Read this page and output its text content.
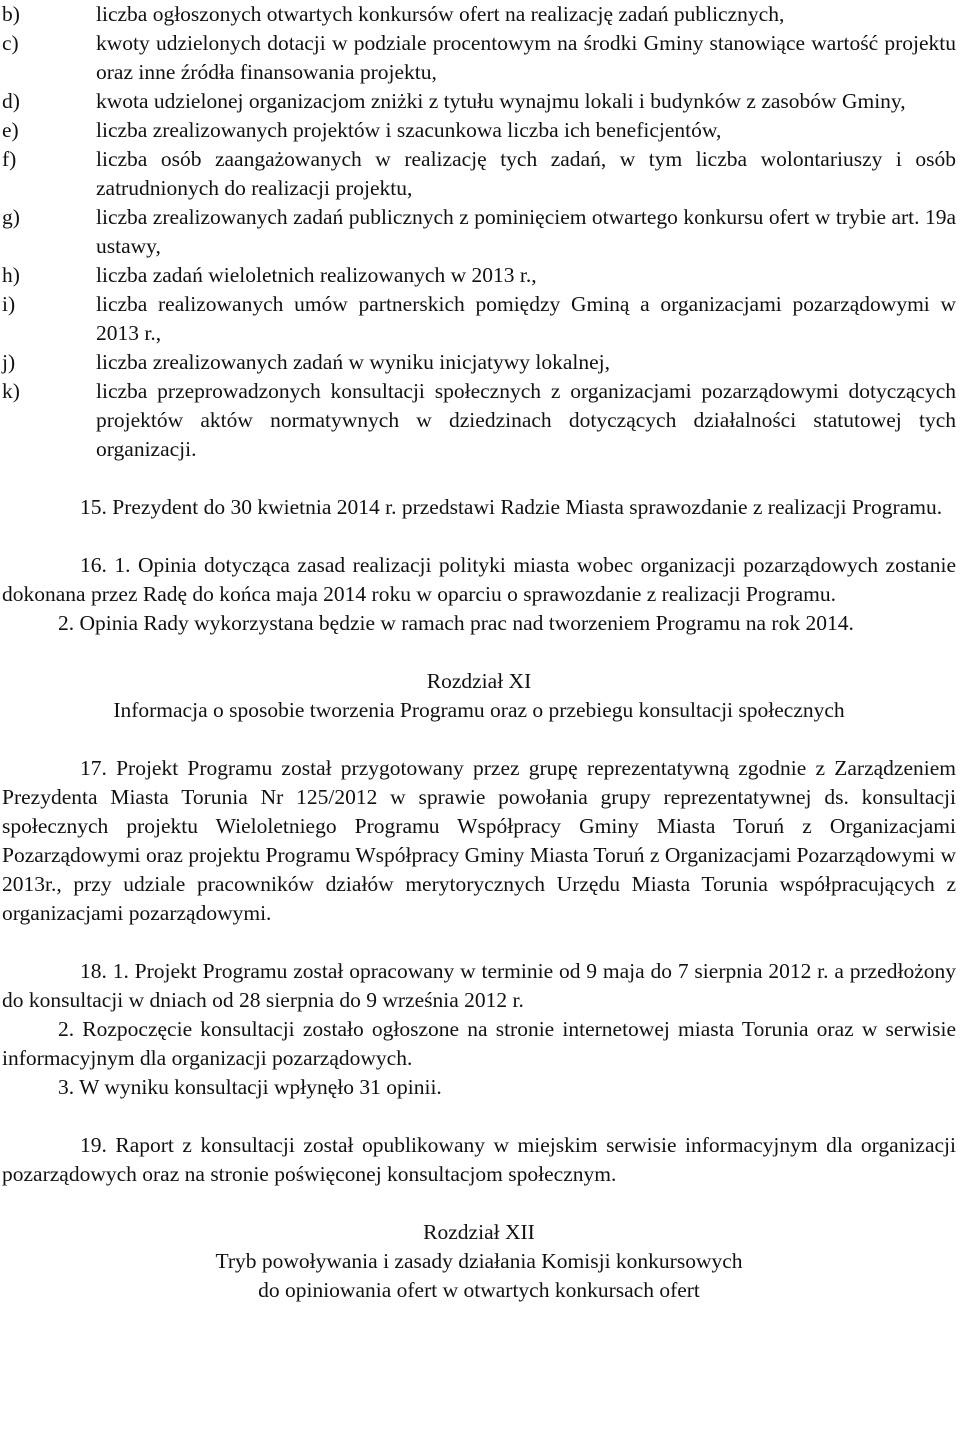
b)	liczba ogłoszonych otwartych konkursów ofert na realizację zadań publicznych,
c)	kwoty udzielonych dotacji w podziale procentowym na środki Gminy stanowiące wartość projektu oraz inne źródła finansowania projektu,
d)	kwota udzielonej organizacjom zniżki z tytułu wynajmu lokali i budynków z zasobów Gminy,
e)	liczba zrealizowanych projektów i szacunkowa liczba ich beneficjentów,
f)	liczba osób zaangażowanych w realizację tych zadań, w tym liczba wolontariuszy i osób zatrudnionych do realizacji projektu,
g)	liczba zrealizowanych zadań publicznych z pominięciem otwartego konkursu ofert w trybie art. 19a ustawy,
h)	liczba zadań wieloletnich realizowanych w 2013 r.,
i)	liczba realizowanych umów partnerskich pomiędzy Gminą a organizacjami pozarządowymi w 2013 r.,
j)	liczba zrealizowanych zadań w wyniku inicjatywy lokalnej,
k)	liczba przeprowadzonych konsultacji społecznych z organizacjami pozarządowymi dotyczących projektów aktów normatywnych w dziedzinach dotyczących działalności statutowej tych organizacji.

15. Prezydent do 30 kwietnia 2014 r. przedstawi Radzie Miasta sprawozdanie z realizacji Programu.

16. 1. Opinia dotycząca zasad realizacji polityki miasta wobec organizacji pozarządowych zostanie dokonana przez Radę do końca maja 2014 roku w oparciu o sprawozdanie z realizacji Programu.

2. Opinia Rady wykorzystana będzie w ramach prac nad tworzeniem Programu na rok 2014.

Rozdział XI
Informacja o sposobie tworzenia Programu oraz o przebiegu konsultacji społecznych

17. Projekt Programu został przygotowany przez grupę reprezentatywną zgodnie z Zarządzeniem Prezydenta Miasta Torunia Nr 125/2012 w sprawie powołania grupy reprezentatywnej ds. konsultacji społecznych projektu Wieloletniego Programu Współpracy Gminy Miasta Toruń z Organizacjami Pozarządowymi oraz projektu Programu Współpracy Gminy Miasta Toruń z Organizacjami Pozarządowymi w 2013r., przy udziale pracowników działów merytorycznych Urzędu Miasta Torunia współpracujących z organizacjami pozarządowymi.

18. 1. Projekt Programu został opracowany w terminie od 9 maja do 7 sierpnia 2012 r. a przedłożony do konsultacji w dniach od 28 sierpnia do 9 września 2012 r.

2. Rozpoczęcie konsultacji zostało ogłoszone na stronie internetowej miasta Torunia oraz w serwisie informacyjnym dla organizacji pozarządowych.

3. W wyniku konsultacji wpłynęło 31 opinii.

19. Raport z konsultacji został opublikowany w miejskim serwisie informacyjnym dla organizacji pozarządowych oraz na stronie poświęconej konsultacjom społecznym.

Rozdział XII
Tryb powoływania i zasady działania Komisji konkursowych
do opiniowania ofert w otwartych konkursach ofert
